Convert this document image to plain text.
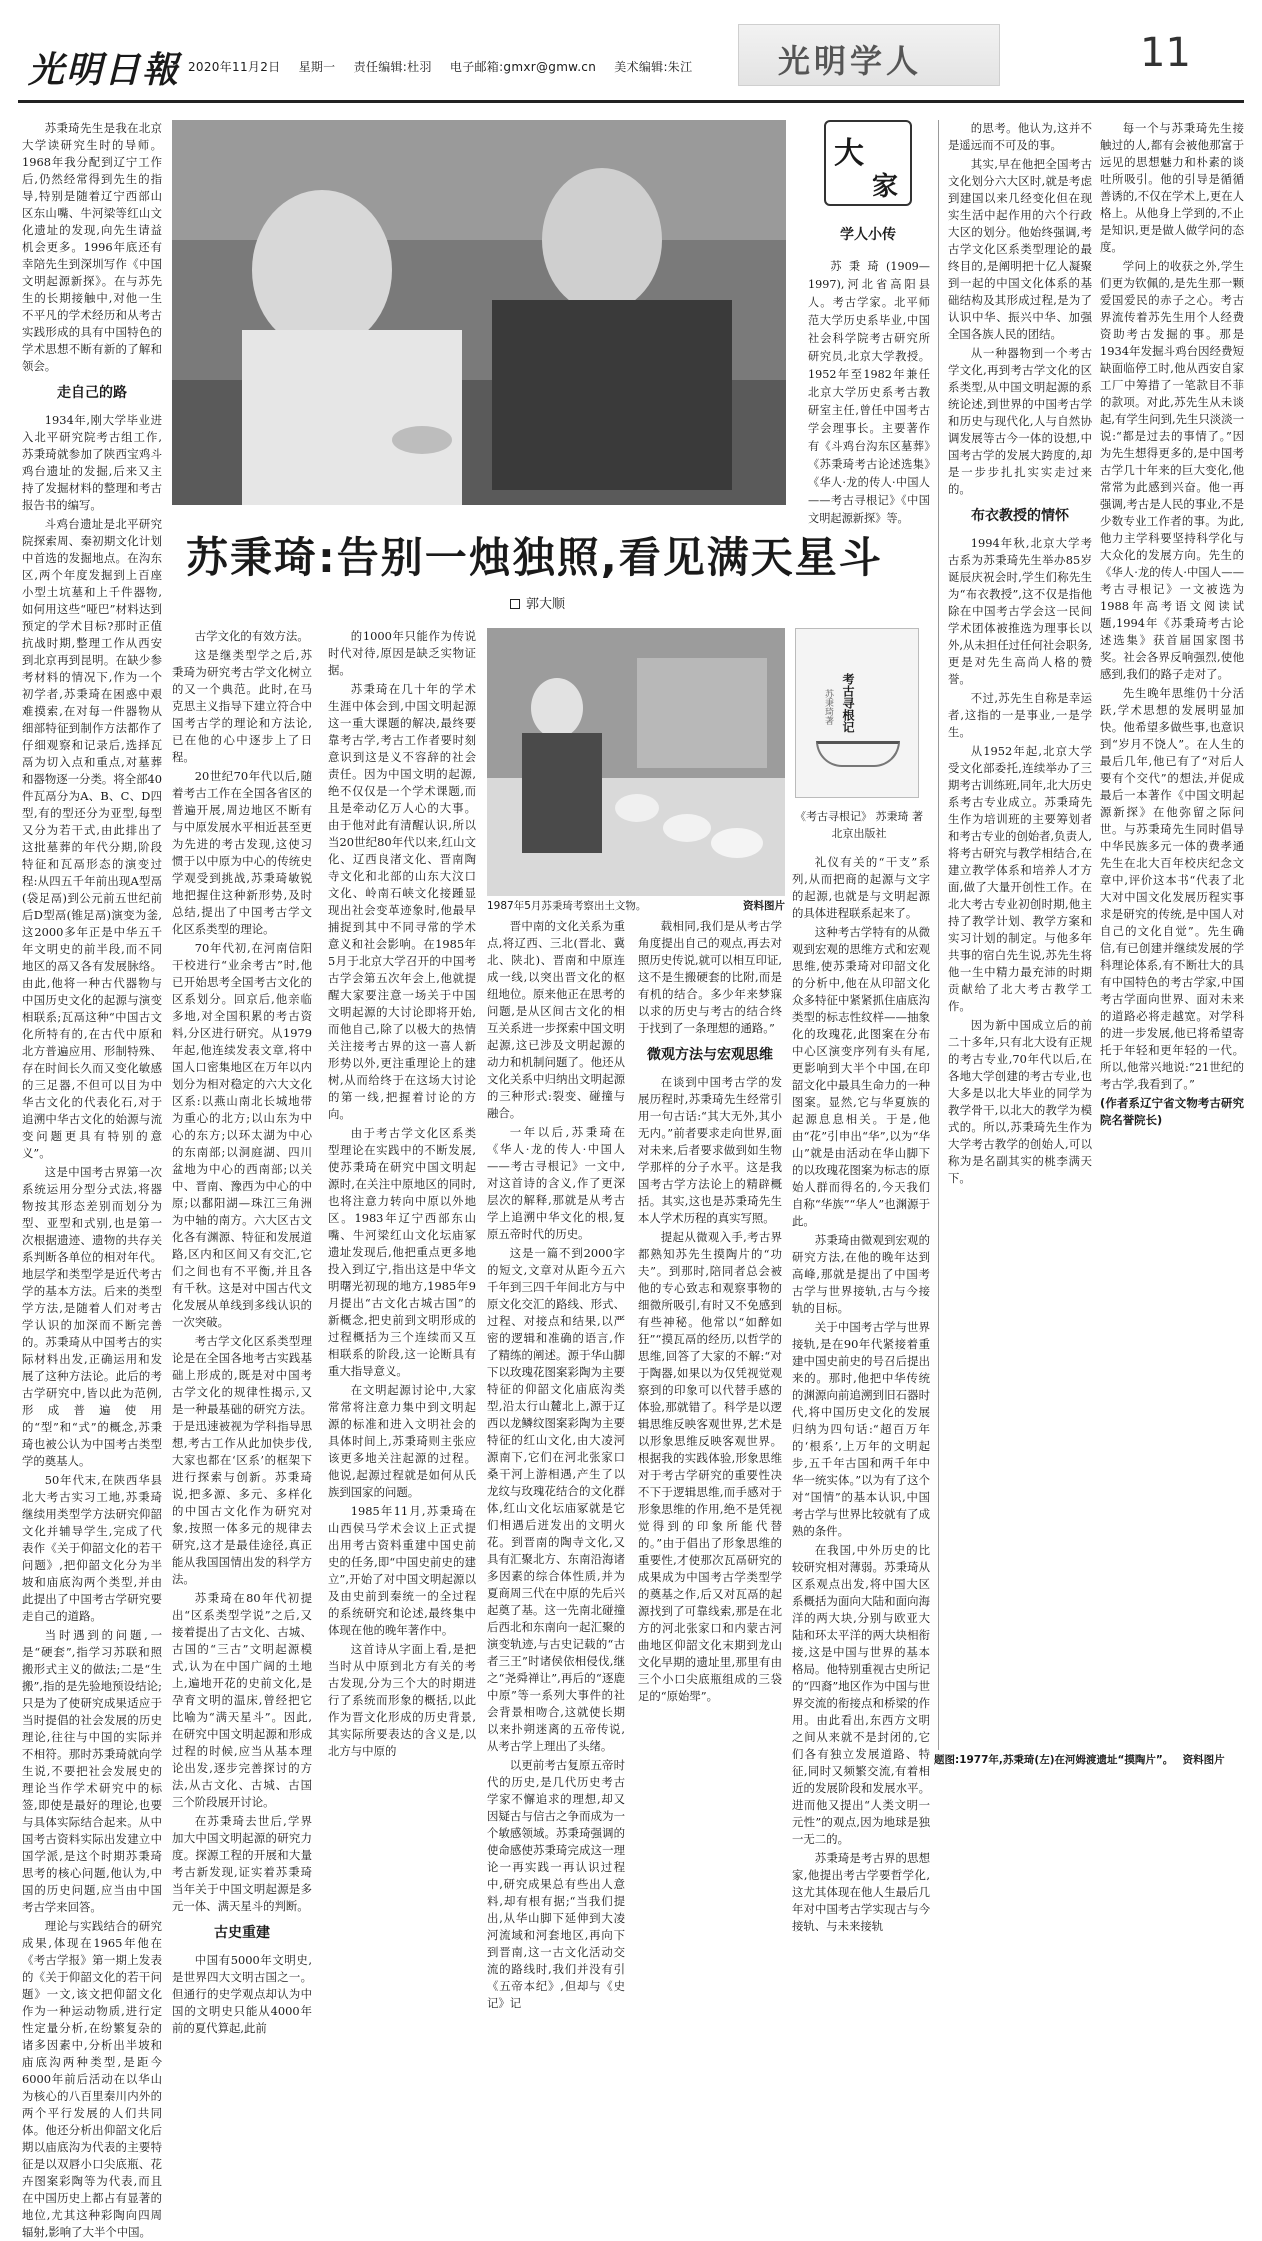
光明日報 2020年11月2日 星期一 责任编辑:杜羽 电子邮箱:gmxr@gmw.cn 美术编辑:朱江	光明学人	11

苏秉琦先生是我在北京大学读研究生时的导师。1968年我分配到辽宁工作后,仍然经常得到先生的指导,特别是随着辽宁西部山区东山嘴、牛河梁等红山文化遗址的发现,向先生请益机会更多。1996年底还有幸陪先生到深圳写作《中国文明起源新探》。在与苏先生的长期接触中,对他一生不平凡的学术经历和从考古实践形成的具有中国特色的学术思想不断有新的了解和领会。

走自己的路

1934年,刚大学毕业进入北平研究院考古组工作,苏秉琦就参加了陕西宝鸡斗鸡台遗址的发掘,后来又主持了发掘材料的整理和考古报告书的编写。

斗鸡台遗址是北平研究院探索周、秦初期文化计划中首选的发掘地点。在沟东区,两个年度发掘到上百座小型土坑墓和上千件器物,如何用这些“哑巴”材料达到预定的学术目标?那时正值抗战时期,整理工作从西安到北京再到昆明。在缺少参考材料的情况下,作为一个初学者,苏秉琦在困惑中艰难摸索,在对每一件器物从细部特征到制作方法都作了仔细观察和记录后,选择瓦鬲为切入点和重点,对墓葬和器物逐一分类。将全部40件瓦鬲分为A、B、C、D四型,有的型还分为亚型,每型又分为若干式,由此排出了这批墓葬的年代分期,阶段特征和瓦鬲形态的演变过程:从四五千年前出现A型鬲(袋足鬲)到公元前五世纪前后D型鬲(锥足鬲)演变为釜,这2000多年正是中华五千年文明史的前半段,而不同地区的鬲又各有发展脉络。由此,他将一种古代器物与中国历史文化的起源与演变相联系;瓦鬲这种“中国古文化所特有的,在古代中原和北方普遍应用、形制特殊、存在时间长久而又变化敏感的三足器,不但可以目为中华古文化的代表化石,对于追溯中华古文化的始源与流变问题更具有特别的意义”。

这是中国考古界第一次系统运用分型分式法,将器物按其形态差别而划分为型、亚型和式别,也是第一次根据遗迹、遗物的共存关系判断各单位的相对年代。地层学和类型学是近代考古学的基本方法。后来的类型学方法,是随着人们对考古学认识的加深而不断完善的。苏秉琦从中国考古的实际材料出发,正确运用和发展了这种方法论。此后的考古学研究中,皆以此为范例,形成普遍使用的“型”和“式”的概念,苏秉琦也被公认为中国考古类型学的奠基人。

50年代末,在陕西华县北大考古实习工地,苏秉琦继续用类型学方法研究仰韶文化并辅导学生,完成了代表作《关于仰韶文化的若干问题》,把仰韶文化分为半坡和庙底沟两个类型,并由此提出了中国考古学研究要走自己的道路。

当时遇到的问题,一是“硬套”,指学习苏联和照搬形式主义的做法;二是“生搬”,指的是先验地预设结论;只是为了使研究成果适应于当时提倡的社会发展的历史理论,往往与中国的实际并不相符。那时苏秉琦就向学生说,不要把社会发展史的理论当作学术研究中的标签,即使是最好的理论,也要与具体实际结合起来。从中国考古资料实际出发建立中国学派,是这个时期苏秉琦思考的核心问题,他认为,中国的历史问题,应当由中国考古学来回答。

理论与实践结合的研究成果,体现在1965年他在《考古学报》第一期上发表的《关于仰韶文化的若干问题》一文,该文把仰韶文化作为一种运动物质,进行定性定量分析,在纷繁复杂的诸多因素中,分析出半坡和庙底沟两种类型,是距今6000年前后活动在以华山为核心的八百里秦川内外的两个平行发展的人们共同体。他还分析出仰韶文化后期以庙底沟为代表的主要特征是以双唇小口尖底瓶、花卉图案彩陶等为代表,而且在中国历史上都占有显著的地位,尤其这种彩陶向四周辐射,影响了大半个中国。

大
家
学人小传

苏秉琦(1909—1997),河北省高阳县人。考古学家。北平师范大学历史系毕业,中国社会科学院考古研究所研究员,北京大学教授。1952年至1982年兼任北京大学历史系考古教研室主任,曾任中国考古学会理事长。主要著作有《斗鸡台沟东区墓葬》《苏秉琦考古论述选集》《华人·龙的传人·中国人——考古寻根记》《中国文明起源新探》等。

苏秉琦:告别一烛独照,看见满天星斗
郭大顺

古学文化的有效方法。

这是继类型学之后,苏秉琦为研究考古学文化树立的又一个典范。此时,在马克思主义指导下建立符合中国考古学的理论和方法论,已在他的心中逐步上了日程。

20世纪70年代以后,随着考古工作在全国各省区的普遍开展,周边地区不断有与中原发展水平相近甚至更为先进的考古发现,这使习惯于以中原为中心的传统史学观受到挑战,苏秉琦敏锐地把握住这种新形势,及时总结,提出了中国考古学文化区系类型的理论。

70年代初,在河南信阳干校进行“业余考古”时,他已开始思考全国考古文化的区系划分。回京后,他亲临多地,对全国积累的考古资料,分区进行研究。从1979年起,他连续发表文章,将中国人口密集地区在万年以内划分为相对稳定的六大文化区系:以燕山南北长城地带为重心的北方;以山东为中心的东方;以环太湖为中心的东南部;以洞庭湖、四川盆地为中心的西南部;以关中、晋南、豫西为中心的中原;以鄱阳湖—珠江三角洲为中轴的南方。六大区古文化各有渊源、特征和发展道路,区内和区间又有交汇,它们之间也有不平衡,并且各有千秋。这是对中国古代文化发展从单线到多线认识的一次突破。

考古学文化区系类型理论是在全国各地考古实践基础上形成的,既是对中国考古学文化的规律性揭示,又是一种最基础的研究方法。于是迅速被视为学科指导思想,考古工作从此加快步伐,大家也都在‘区系’的框架下进行探索与创新。苏秉琦说,把多源、多元、多样化的中国古文化作为研究对象,按照一体多元的规律去研究,这才是最佳途径,真正能从我国国情出发的科学方法。

苏秉琦在80年代初提出“区系类型学说”之后,又接着提出了古文化、古城、古国的“三古”文明起源模式,认为在中国广阔的土地上,遍地开花的史前文化,是孕育文明的温床,曾经把它比喻为“满天星斗”。因此,在研究中国文明起源和形成过程的时候,应当从基本理论出发,逐步完善探讨的方法,从古文化、古城、古国三个阶段展开讨论。

在苏秉琦去世后,学界加大中国文明起源的研究力度。探源工程的开展和大量考古新发现,证实着苏秉琦当年关于中国文明起源是多元一体、满天星斗的判断。

古史重建

中国有5000年文明史,是世界四大文明古国之一。但通行的史学观点却认为中国的文明史只能从4000年前的夏代算起,此前

的1000年只能作为传说时代对待,原因是缺乏实物证据。

苏秉琦在几十年的学术生涯中体会到,中国文明起源这一重大课题的解决,最终要靠考古学,考古工作者要时刻意识到这是义不容辞的社会责任。因为中国文明的起源,绝不仅仅是一个学术课题,而且是牵动亿万人心的大事。由于他对此有清醒认识,所以当20世纪80年代以来,红山文化、辽西良渚文化、晋南陶寺文化和北部的山东大汶口文化、岭南石峡文化接踵显现出社会变革迹象时,他最早捕捉到其中不同寻常的学术意义和社会影响。在1985年5月于北京大学召开的中国考古学会第五次年会上,他就提醒大家要注意一场关于中国文明起源的大讨论即将开始,而他自己,除了以极大的热情关注接考古界的这一喜人新形势以外,更注重理论上的建树,从而给终于在这场大讨论的第一线,把握着讨论的方向。

由于考古学文化区系类型理论在实践中的不断发展,使苏秉琦在研究中国文明起源时,在关注中原地区的同时,也将注意力转向中原以外地区。1983年辽宁西部东山嘴、牛河梁红山文化坛庙冢遗址发现后,他把重点更多地投入到辽宁,指出这是中华文明曙光初现的地方,1985年9月提出“古文化古城古国”的新概念,把史前到文明形成的过程概括为三个连续而又互相联系的阶段,这一论断具有重大指导意义。

在文明起源讨论中,大家常常将注意力集中到文明起源的标准和进入文明社会的具体时间上,苏秉琦则主张应该更多地关注起源的过程。他说,起源过程就是如何从氏族到国家的问题。

1985年11月,苏秉琦在山西侯马学术会议上正式提出用考古资料重建中国史前史的任务,即“中国史前史的建立”,开始了对中国文明起源以及由史前到秦统一的全过程的系统研究和论述,最终集中体现在他的晚年著作中。

这首诗从字面上看,是把当时从中原到北方有关的考古发现,分为三个大的时期进行了系统而形象的概括,以此作为晋文化形成的历史背景,其实际所要表达的含义是,以北方与中原的

1987年5月苏秉琦考察出土文物。	资料图片
考古寻根记
苏秉琦著
《考古寻根记》 苏秉琦 著
北京出版社

晋中南的文化关系为重点,将辽西、三北(晋北、冀北、陕北)、晋南和中原连成一线,以突出晋文化的枢纽地位。原来他正在思考的问题,是从区间古文化的相互关系进一步探索中国文明起源,这已涉及文明起源的动力和机制问题了。他还从文化关系中归纳出文明起源的三种形式:裂变、碰撞与融合。

一年以后,苏秉琦在《华人·龙的传人·中国人——考古寻根记》一文中,对这首诗的含义,作了更深层次的解释,那就是从考古学上追溯中华文化的根,复原五帝时代的历史。

这是一篇不到2000字的短文,文章对从距今五六千年到三四千年间北方与中原文化交汇的路线、形式、过程、对接点和结果,以严密的逻辑和准确的语言,作了精练的阐述。源于华山脚下以玫瑰花图案彩陶为主要特征的仰韶文化庙底沟类型,沿太行山麓北上,源于辽西以龙鳞纹图案彩陶为主要特征的红山文化,由大凌河源南下,它们在河北张家口桑干河上游相遇,产生了以龙纹与玫瑰花结合的文化群体,红山文化坛庙冢就是它们相遇后迸发出的文明火花。到晋南的陶寺文化,又具有汇聚北方、东南沿海诸多因素的综合体性质,并为夏商周三代在中原的先后兴起奠了基。这一先南北碰撞后西北和东南向一起汇聚的演变轨迹,与古史记载的“古者三王”时诸侯依相侵伐,继之“尧舜禅让”,再后的“逐鹿中原”等一系列大事件的社会背景相吻合,这就使长期以来扑朔迷离的五帝传说,从考古学上理出了头绪。

以更前考古复原五帝时代的历史,是几代历史考古学家不懈追求的理想,却又因疑古与信古之争而成为一个敏感领域。苏秉琦强调的使命感使苏秉琦完成这一理论一再实践一再认识过程中,研究成果总有些出人意料,却有根有据;“当我们提出,从华山脚下延伸到大凌河流域和河套地区,再向下到晋南,这一古文化活动交流的路线时,我们并没有引《五帝本纪》,但却与《史记》记

载相同,我们是从考古学角度提出自己的观点,再去对照历史传说,就可以相互印证,这不是生搬硬套的比附,而是有机的结合。多少年来梦寐以求的历史与考古的结合终于找到了一条理想的通路。”

微观方法与宏观思维

在谈到中国考古学的发展历程时,苏秉琦先生经常引用一句古话:“其大无外,其小无内。”前者要求走向世界,面对未来,后者要求做到如生物学那样的分子水平。这是我国考古学方法论上的精辟概括。其实,这也是苏秉琦先生本人学术历程的真实写照。

提起从微观入手,考古界都熟知苏先生摸陶片的“功夫”。到那时,陪同者总会被他的专心致志和观察事物的细微所吸引,有时又不免感到有些神秘。他常以“如醉如狂”“摸瓦鬲的经历,以哲学的思维,回答了大家的不解:“对于陶器,如果以为仅凭视觉观察到的印象可以代替手感的体验,那就错了。科学是以逻辑思维反映客观世界,艺术是以形象思维反映客观世界。根据我的实践体验,形象思维对于考古学研究的重要性决不下于逻辑思维,而手感对于形象思维的作用,绝不是凭视觉得到的印象所能代替的。”由于倡出了形象思维的重要性,才使那次瓦鬲研究的成果成为中国考古学类型学的奠基之作,后又对瓦鬲的起源找到了可靠线索,那是在北方的河北张家口和内蒙古河曲地区仰韶文化末期到龙山文化早期的遗址里,那里有由三个小口尖底瓶组成的三袋足的“原始斝”。

礼仪有关的“干支”系列,从而把商的起源与文字的起源,也就是与文明起源的具体进程联系起来了。

这种考古学特有的从微观到宏观的思维方式和宏观思维,使苏秉琦对印韶文化的分析中,他在从印韶文化众多特征中紧紧抓住庙底沟类型的标志性纹样——抽象化的玫瑰花,此图案在分布中心区演变序列有头有尾,更影响到大半个中国,在印韶文化中最具生命力的一种图案。显然,它与华夏族的起源息息相关。于是,他由“花”引申出“华”,以为“华山”就是由活动在华山脚下的以玫瑰花图案为标志的原始人群而得名的,今天我们自称“华族”“华人”也渊源于此。

苏秉琦由微观到宏观的研究方法,在他的晚年达到高峰,那就是提出了中国考古学与世界接轨,古与今接轨的目标。

关于中国考古学与世界接轨,是在90年代紧接着重建中国史前史的号召后提出来的。那时,他把中华传统的渊源向前追溯到旧石器时代,将中国历史文化的发展归纳为四句话:“超百万年的‘根系’,上万年的文明起步,五千年古国和两千年中华一统实体。”以为有了这个对“国情”的基本认识,中国考古学与世界比较就有了成熟的条件。

在我国,中外历史的比较研究相对薄弱。苏秉琦从区系观点出发,将中国大区系概括为面向大陆和面向海洋的两大块,分别与欧亚大陆和环太平洋的两大块相衔接,这是中国与世界的基本格局。他特别重视古史所记的“四裔”地区作为中国与世界交流的衔接点和桥梁的作用。由此看出,东西方文明之间从来就不是封闭的,它们各有独立发展道路、特征,同时又频繁交流,有着相近的发展阶段和发展水平。进而他又提出“人类文明一元性”的观点,因为地球是独一无二的。

苏秉琦是考古界的思想家,他提出考古学要哲学化,这尤其体现在他人生最后几年对中国考古学实现古与今接轨、与未来接轨

的思考。他认为,这并不是遥远而不可及的事。

其实,早在他把全国考古文化划分六大区时,就是考虑到建国以来几经变化但在现实生活中起作用的六个行政大区的划分。他始终强调,考古学文化区系类型理论的最终目的,是阐明把十亿人凝聚到一起的中国文化体系的基础结构及其形成过程,是为了认识中华、振兴中华、加强全国各族人民的团结。

从一种器物到一个考古学文化,再到考古学文化的区系类型,从中国文明起源的系统论述,到世界的中国考古学和历史与现代化,人与自然协调发展等古今一体的设想,中国考古学的发展大跨度的,却是一步步扎扎实实走过来的。

布衣教授的情怀

1994年秋,北京大学考古系为苏秉琦先生举办85岁诞辰庆祝会时,学生们称先生为“布衣教授”,这不仅是指他除在中国考古学会这一民间学术团体被推选为理事长以外,从未担任过任何社会职务,更是对先生高尚人格的赞誉。

不过,苏先生自称是幸运者,这指的一是事业,一是学生。

从1952年起,北京大学受文化部委托,连续举办了三期考古训练班,同年,北大历史系考古专业成立。苏秉琦先生作为培训班的主要筹划者和考古专业的创始者,负责人,将考古研究与教学相结合,在建立教学体系和培养人才方面,做了大量开创性工作。在北大考古专业初创时期,他主持了教学计划、教学方案和实习计划的制定。与他多年共事的宿白先生说,苏先生将他一生中精力最充沛的时期贡献给了北大考古教学工作。

因为新中国成立后的前二十多年,只有北大设有正规的考古专业,70年代以后,在各地大学创建的考古专业,也大多是以北大毕业的同学为教学骨干,以北大的教学为模式的。所以,苏秉琦先生作为大学考古教学的创始人,可以称为是名副其实的桃李满天下。

每一个与苏秉琦先生接触过的人,都有会被他那富于远见的思想魅力和朴素的谈吐所吸引。他的引导是循循善诱的,不仅在学术上,更在人格上。从他身上学到的,不止是知识,更是做人做学问的态度。

学问上的收获之外,学生们更为钦佩的,是先生那一颗爱国爱民的赤子之心。考古界流传着苏先生用个人经费资助考古发掘的事。那是1934年发掘斗鸡台因经费短缺面临停工时,他从西安自家工厂中筹措了一笔款目不菲的款项。对此,苏先生从未谈起,有学生问到,先生只淡淡一说:“都是过去的事情了。”因为先生想得更多的,是中国考古学几十年来的巨大变化,他常常为此感到兴奋。他一再强调,考古是人民的事业,不是少数专业工作者的事。为此,他力主学科要坚持科学化与大众化的发展方向。先生的《华人·龙的传人·中国人——考古寻根记》一文被选为1988年高考语文阅读试题,1994年《苏秉琦考古论述选集》获首届国家图书奖。社会各界反响强烈,使他感到,我们的路子走对了。

先生晚年思维仍十分活跃,学术思想的发展明显加快。他希望多做些事,也意识到“岁月不饶人”。在人生的最后几年,他已有了“对后人要有个交代”的想法,并促成最后一本著作《中国文明起源新探》在他弥留之际问世。与苏秉琦先生同时倡导中华民族多元一体的费孝通先生在北大百年校庆纪念文章中,评价这本书“代表了北大对中国文化发展历程实事求是研究的传统,是中国人对自己的文化自觉”。先生确信,有已创建并继续发展的学科理论体系,有不断壮大的具有中国特色的考古学家,中国考古学面向世界、面对未来的道路必将走越宽。对学科的进一步发展,他已将希望寄托于年轻和更年轻的一代。所以,他常兴地说:“21世纪的考古学,我看到了。”

(作者系辽宁省文物考古研究院名誉院长)

题图:1977年,苏秉琦(左)在河姆渡遗址“摸陶片”。 资料图片
